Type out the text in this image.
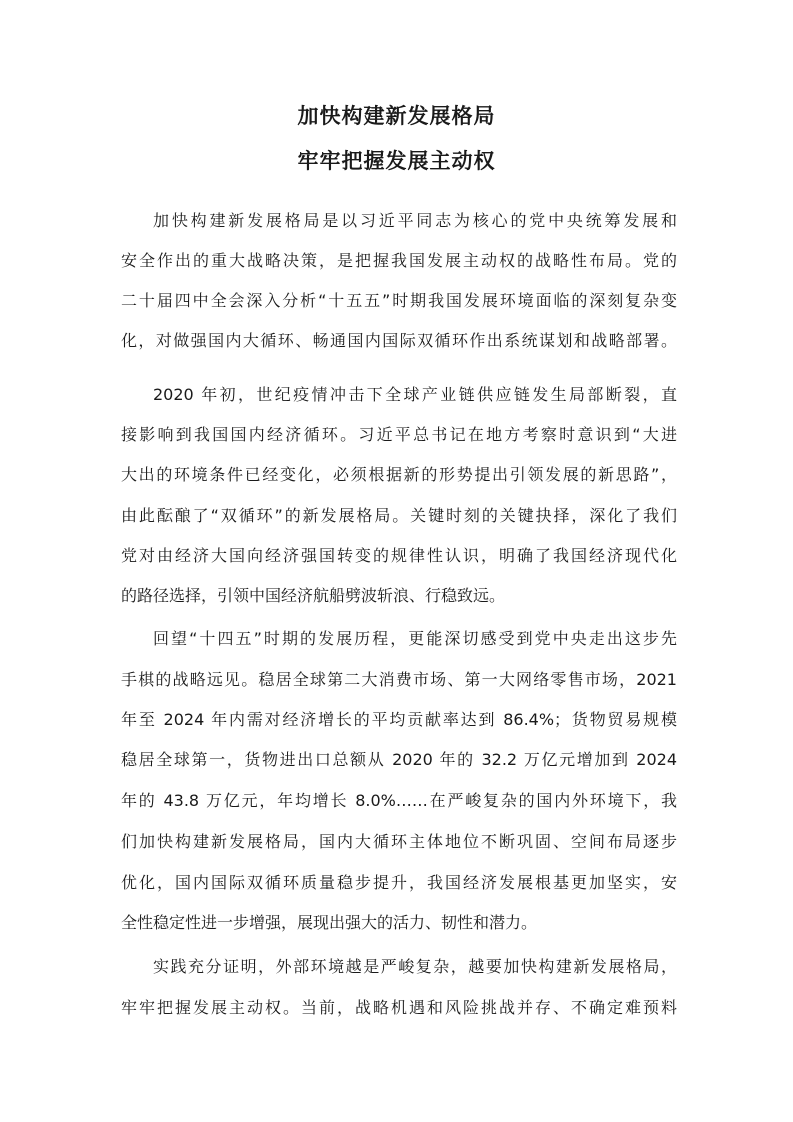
加快构建新发展格局
牢牢把握发展主动权

加快构建新发展格局是以习近平同志为核心的党中央统筹发展和

安全作出的重大战略决策，是把握我国发展主动权的战略性布局。党的

二十届四中全会深入分析“十五五”时期我国发展环境面临的深刻复杂变

化，对做强国内大循环、畅通国内国际双循环作出系统谋划和战略部署。

2020 年初，世纪疫情冲击下全球产业链供应链发生局部断裂，直

接影响到我国国内经济循环。习近平总书记在地方考察时意识到“大进

大出的环境条件已经变化，必须根据新的形势提出引领发展的新思路”，

由此酝酿了“双循环”的新发展格局。关键时刻的关键抉择，深化了我们

党对由经济大国向经济强国转变的规律性认识，明确了我国经济现代化

的路径选择，引领中国经济航船劈波斩浪、行稳致远。

回望“十四五”时期的发展历程，更能深切感受到党中央走出这步先

手棋的战略远见。稳居全球第二大消费市场、第一大网络零售市场，2021

年至 2024 年内需对经济增长的平均贡献率达到 86.4%；货物贸易规模

稳居全球第一，货物进出口总额从 2020 年的 32.2 万亿元增加到 2024

年的 43.8 万亿元，年均增长 8.0%……在严峻复杂的国内外环境下，我

们加快构建新发展格局，国内大循环主体地位不断巩固、空间布局逐步

优化，国内国际双循环质量稳步提升，我国经济发展根基更加坚实，安

全性稳定性进一步增强，展现出强大的活力、韧性和潜力。

实践充分证明，外部环境越是严峻复杂，越要加快构建新发展格局，

牢牢把握发展主动权。当前，战略机遇和风险挑战并存、不确定难预料
